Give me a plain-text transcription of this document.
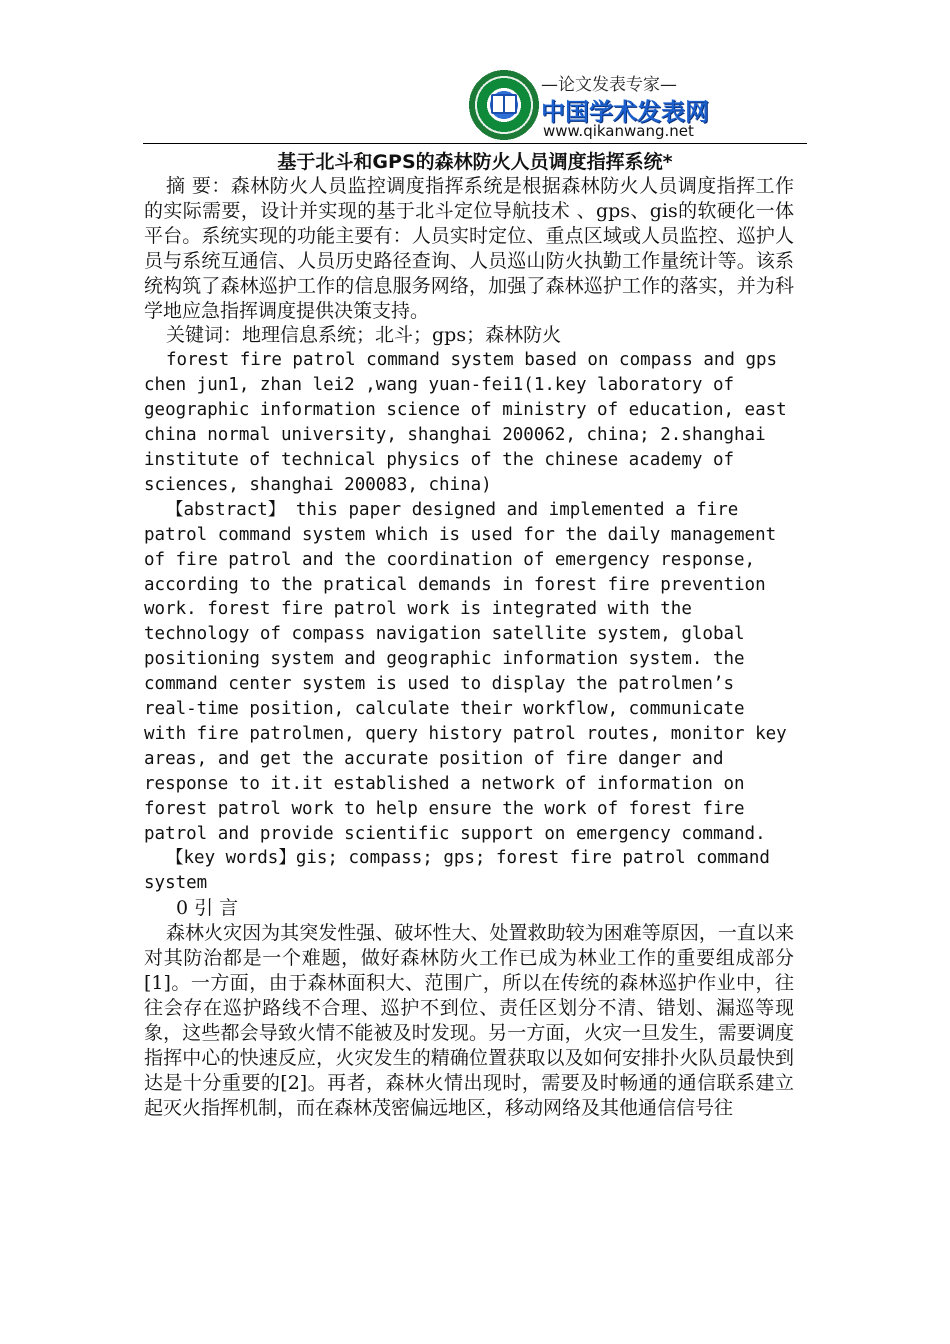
—论文发表专家—
中国学术发表网
www.qikanwang.net
基于北斗和GPS的森林防火人员调度指挥系统*

摘 要：森林防火人员监控调度指挥系统是根据森林防火人员调度指挥工作的实际需要，设计并实现的基于北斗定位导航技术 、gps、gis的软硬化一体平台。系统实现的功能主要有：人员实时定位、重点区域或人员监控、巡护人员与系统互通信、人员历史路径查询、人员巡山防火执勤工作量统计等。该系统构筑了森林巡护工作的信息服务网络，加强了森林巡护工作的落实，并为科学地应急指挥调度提供决策支持。

关键词：地理信息系统；北斗；gps；森林防火

forest fire patrol command system based on compass and gps chen jun1, zhan lei2 ,wang yuan-fei1(1.key laboratory of geographic information science of ministry of education, east china normal university, shanghai 200062, china; 2.shanghai institute of technical physics of the chinese academy of sciences, shanghai 200083, china)

【abstract】 this paper designed and implemented a fire patrol command system which is used for the daily management of fire patrol and the coordination of emergency response, according to the pratical demands in forest fire prevention work. forest fire patrol work is integrated with the technology of compass navigation satellite system, global positioning system and geographic information system. the command center system is used to display the patrolmen’s real-time position, calculate their workflow, communicate with fire patrolmen, query history patrol routes, monitor key areas, and get the accurate position of fire danger and response to it.it established a network of information on forest patrol work to help ensure the work of forest fire patrol and provide scientific support on emergency command.

【key words】gis; compass; gps; forest fire patrol command system

0 引 言

森林火灾因为其突发性强、破坏性大、处置救助较为困难等原因，一直以来对其防治都是一个难题，做好森林防火工作已成为林业工作的重要组成部分[1]。一方面，由于森林面积大、范围广，所以在传统的森林巡护作业中，往往会存在巡护路线不合理、巡护不到位、责任区划分不清、错划、漏巡等现象，这些都会导致火情不能被及时发现。另一方面，火灾一旦发生，需要调度指挥中心的快速反应，火灾发生的精确位置获取以及如何安排扑火队员最快到达是十分重要的[2]。再者，森林火情出现时，需要及时畅通的通信联系建立起灭火指挥机制，而在森林茂密偏远地区，移动网络及其他通信信号往
